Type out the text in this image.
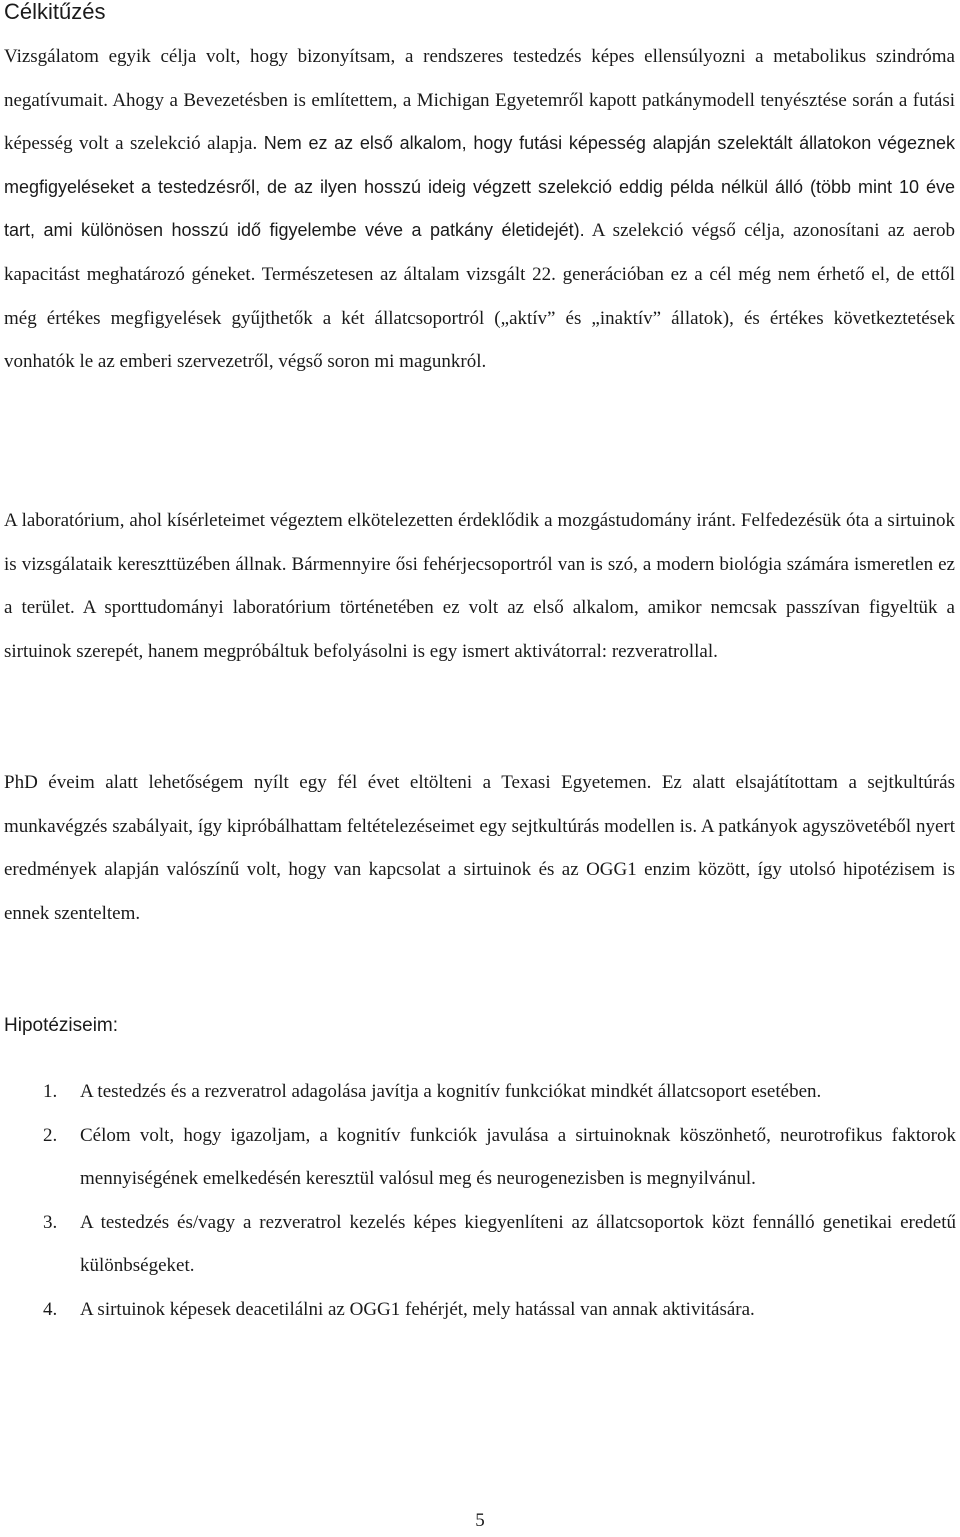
Célkitűzés

Vizsgálatom egyik célja volt, hogy bizonyítsam, a rendszeres testedzés képes ellensúlyozni a metabolikus szindróma negatívumait. Ahogy a Bevezetésben is említettem, a Michigan Egyetemről kapott patkánymodell tenyésztése során a futási képesség volt a szelekció alapja. Nem ez az első alkalom, hogy futási képesség alapján szelektált állatokon végeznek megfigyeléseket a testedzésről, de az ilyen hosszú ideig végzett szelekció eddig példa nélkül álló (több mint 10 éve tart, ami különösen hosszú idő figyelembe véve a patkány életidejét). A szelekció végső célja, azonosítani az aerob kapacitást meghatározó géneket. Természetesen az általam vizsgált 22. generációban ez a cél még nem érhető el, de ettől még értékes megfigyelések gyűjthetők a két állatcsoportról („aktív” és „inaktív” állatok), és értékes következtetések vonhatók le az emberi szervezetről, végső soron mi magunkról.

A laboratórium, ahol kísérleteimet végeztem elkötelezetten érdeklődik a mozgástudomány iránt. Felfedezésük óta a sirtuinok is vizsgálataik kereszttüzében állnak. Bármennyire ősi fehérjecsoportról van is szó, a modern biológia számára ismeretlen ez a terület. A sporttudományi laboratórium történetében ez volt az első alkalom, amikor nemcsak passzívan figyeltük a sirtuinok szerepét, hanem megpróbáltuk befolyásolni is egy ismert aktivátorral: rezveratrollal.

PhD éveim alatt lehetőségem nyílt egy fél évet eltölteni a Texasi Egyetemen. Ez alatt elsajátítottam a sejtkultúrás munkavégzés szabályait, így kipróbálhattam feltételezéseimet egy sejtkultúrás modellen is. A patkányok agyszövetéből nyert eredmények alapján valószínű volt, hogy van kapcsolat a sirtuinok és az OGG1 enzim között, így utolsó hipotézisem is ennek szenteltem.

Hipotéziseim:
1. A testedzés és a rezveratrol adagolása javítja a kognitív funkciókat mindkét állatcsoport esetében.
2. Célom volt, hogy igazoljam, a kognitív funkciók javulása a sirtuinoknak köszönhető, neurotrofikus faktorok mennyiségének emelkedésén keresztül valósul meg és neurogenezisben is megnyilvánul.
3. A testedzés és/vagy a rezveratrol kezelés képes kiegyenlíteni az állatcsoportok közt fennálló genetikai eredetű különbségeket.
4. A sirtuinok képesek deacetilálni az OGG1 fehérjét, mely hatással van annak aktivitására.
5
